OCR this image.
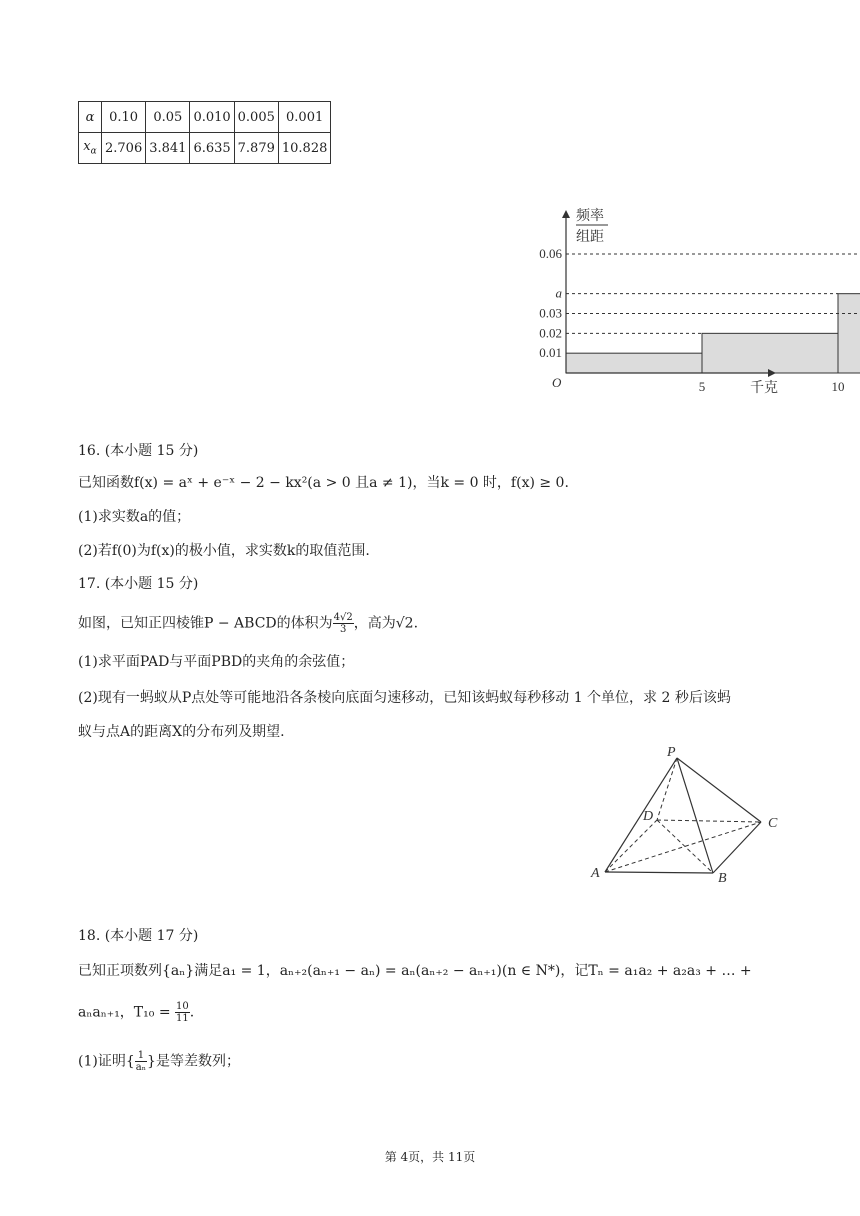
α	0.10	0.05	0.010	0.005	0.001
$x_\alpha$	2.706	3.841	6.635	7.879	10.828
频率
组距
O	千克
0.01
0.02
0.03
a
0.06
5	10
16. (本小题 15 分)
已知函数f(x) = aˣ + e⁻ˣ − 2 − kx²(a > 0 且a ≠ 1)，当k = 0 时，f(x) ≥ 0.
(1)求实数a的值；
(2)若f(0)为f(x)的极小值，求实数k的取值范围.
17. (本小题 15 分)
如图，已知正四棱锥P − ABCD的体积为 $\frac{4√2}{3}$ ，高为√2.
(1)求平面PAD与平面PBD的夹角的余弦值；
(2)现有一蚂蚁从P点处等可能地沿各条棱向底面匀速移动，已知该蚂蚁每秒移动 1 个单位，求 2 秒后该蚂
蚁与点A的距离X的分布列及期望.
P
D	C
A	B
18. (本小题 17 分)
已知正项数列{aₙ}满足a₁ = 1，aₙ₊₂(aₙ₊₁ − aₙ) = aₙ(aₙ₊₂ − aₙ₊₁)(n ∈ N*)，记Tₙ = a₁a₂ + a₂a₃ + … +
aₙaₙ₊₁，$T_{10} = \frac{10}{11}$ .
(1)证明{ $\frac{1}{\text{aₙ}}$ }是等差数列；
第 4页，共 11页
